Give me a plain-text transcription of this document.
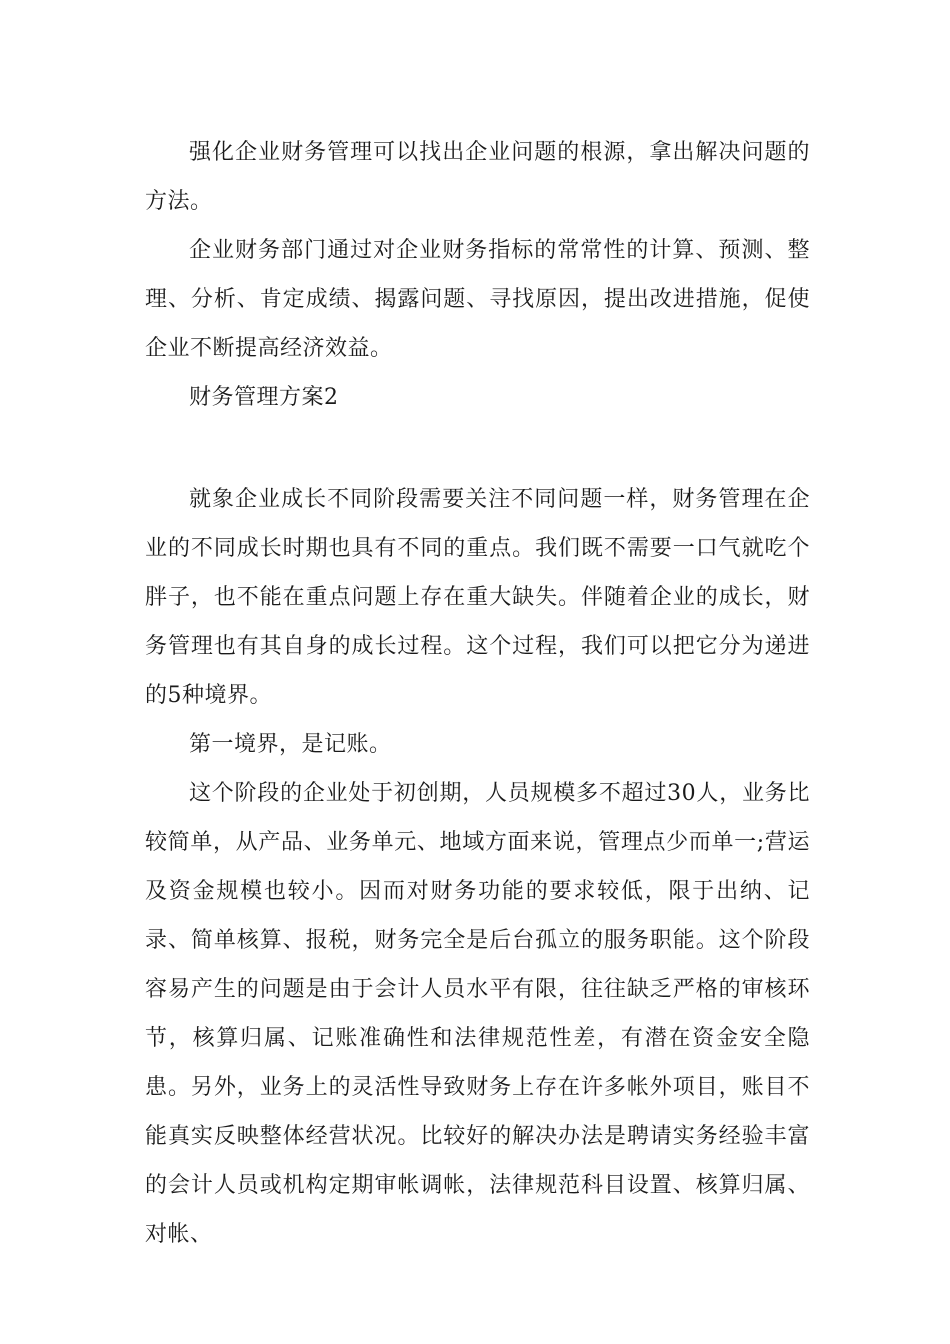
强化企业财务管理可以找出企业问题的根源，拿出解决问题的方法。

企业财务部门通过对企业财务指标的常常性的计算、预测、整理、分析、肯定成绩、揭露问题、寻找原因，提出改进措施，促使企业不断提高经济效益。

财务管理方案2

就象企业成长不同阶段需要关注不同问题一样，财务管理在企业的不同成长时期也具有不同的重点。我们既不需要一口气就吃个胖子，也不能在重点问题上存在重大缺失。伴随着企业的成长，财务管理也有其自身的成长过程。这个过程，我们可以把它分为递进的5种境界。

第一境界，是记账。

这个阶段的企业处于初创期，人员规模多不超过30人，业务比较简单，从产品、业务单元、地域方面来说，管理点少而单一;营运及资金规模也较小。因而对财务功能的要求较低，限于出纳、记录、简单核算、报税，财务完全是后台孤立的服务职能。这个阶段容易产生的问题是由于会计人员水平有限，往往缺乏严格的审核环节，核算归属、记账准确性和法律规范性差，有潜在资金安全隐患。另外，业务上的灵活性导致财务上存在许多帐外项目，账目不能真实反映整体经营状况。比较好的解决办法是聘请实务经验丰富的会计人员或机构定期审帐调帐，法律规范科目设置、核算归属、对帐、
